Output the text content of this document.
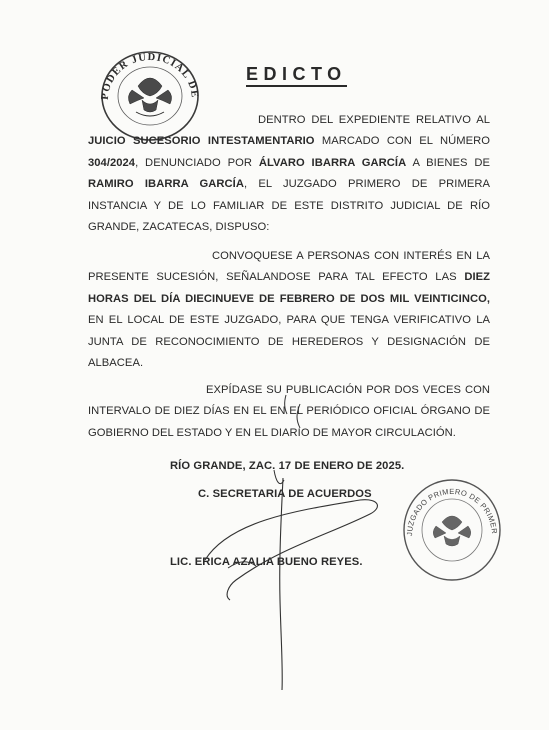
PODER JUDICIAL DE
EDICTO
DENTRO DEL EXPEDIENTE RELATIVO AL JUICIO SUCESORIO INTESTAMENTARIO MARCADO CON EL NÚMERO 304/2024, DENUNCIADO POR ÁLVARO IBARRA GARCÍA A BIENES DE RAMIRO IBARRA GARCÍA, EL JUZGADO PRIMERO DE PRIMERA INSTANCIA Y DE LO FAMILIAR DE ESTE DISTRITO JUDICIAL DE RÍO GRANDE, ZACATECAS, DISPUSO:
CONVOQUESE A PERSONAS CON INTERÉS EN LA PRESENTE SUCESIÓN, SEÑALANDOSE PARA TAL EFECTO LAS DIEZ HORAS DEL DÍA DIECINUEVE DE FEBRERO DE DOS MIL VEINTICINCO, EN EL LOCAL DE ESTE JUZGADO, PARA QUE TENGA VERIFICATIVO LA JUNTA DE RECONOCIMIENTO DE HEREDEROS Y DESIGNACIÓN DE ALBACEA.
EXPÍDASE SU PUBLICACIÓN POR DOS VECES CON INTERVALO DE DIEZ DÍAS EN EL EN EL PERIÓDICO OFICIAL ÓRGANO DE GOBIERNO DEL ESTADO Y EN EL DIARIO DE MAYOR CIRCULACIÓN.
RÍO GRANDE, ZAC. 17 DE ENERO DE 2025.
C. SECRETARIA DE ACUERDOS
LIC. ERICA AZALIA BUENO REYES.
JUZGADO PRIMERO DE PRIMER
